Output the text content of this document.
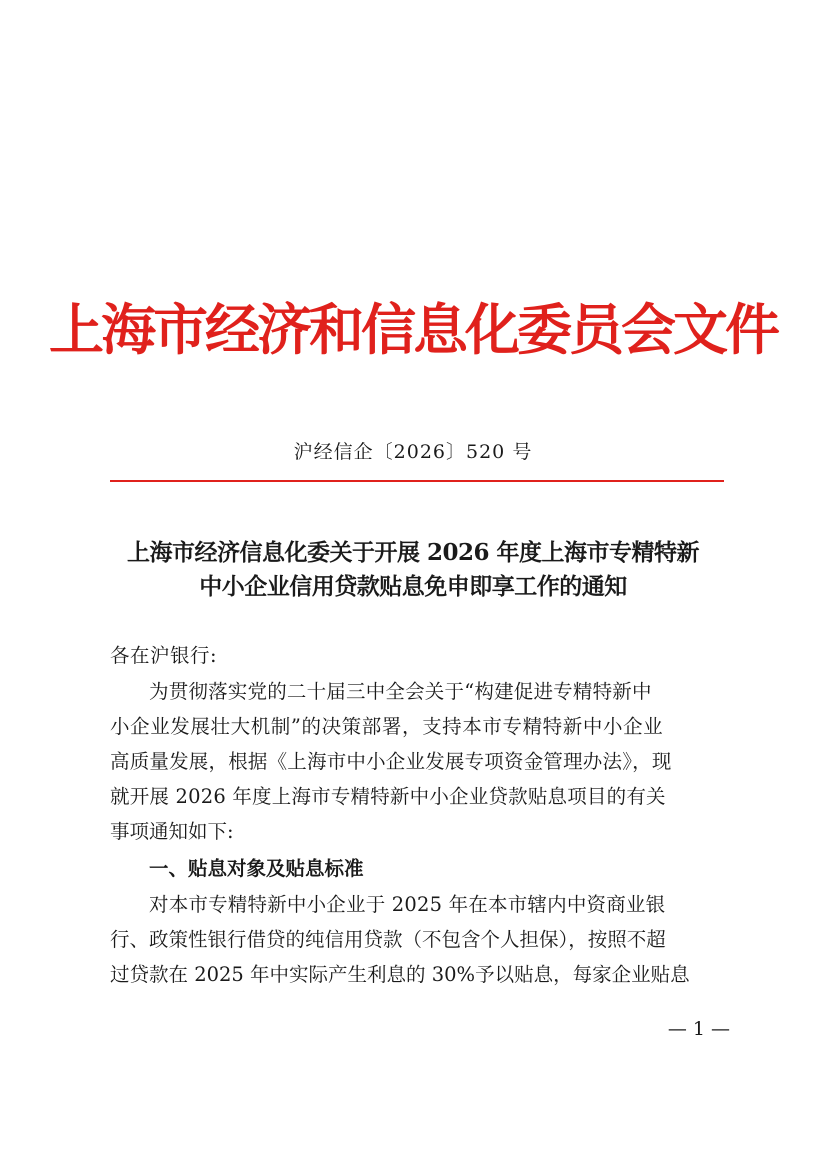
上海市经济和信息化委员会文件
沪经信企〔2026〕520 号
上海市经济信息化委关于开展 2026 年度上海市专精特新
中小企业信用贷款贴息免申即享工作的通知
各在沪银行:
为贯彻落实党的二十届三中全会关于“构建促进专精特新中
小企业发展壮大机制”的决策部署，支持本市专精特新中小企业
高质量发展，根据《上海市中小企业发展专项资金管理办法》，现
就开展 2026 年度上海市专精特新中小企业贷款贴息项目的有关
事项通知如下:
一、贴息对象及贴息标准
对本市专精特新中小企业于 2025 年在本市辖内中资商业银
行、政策性银行借贷的纯信用贷款（不包含个人担保），按照不超
过贷款在 2025 年中实际产生利息的 30%予以贴息，每家企业贴息
— 1 —
